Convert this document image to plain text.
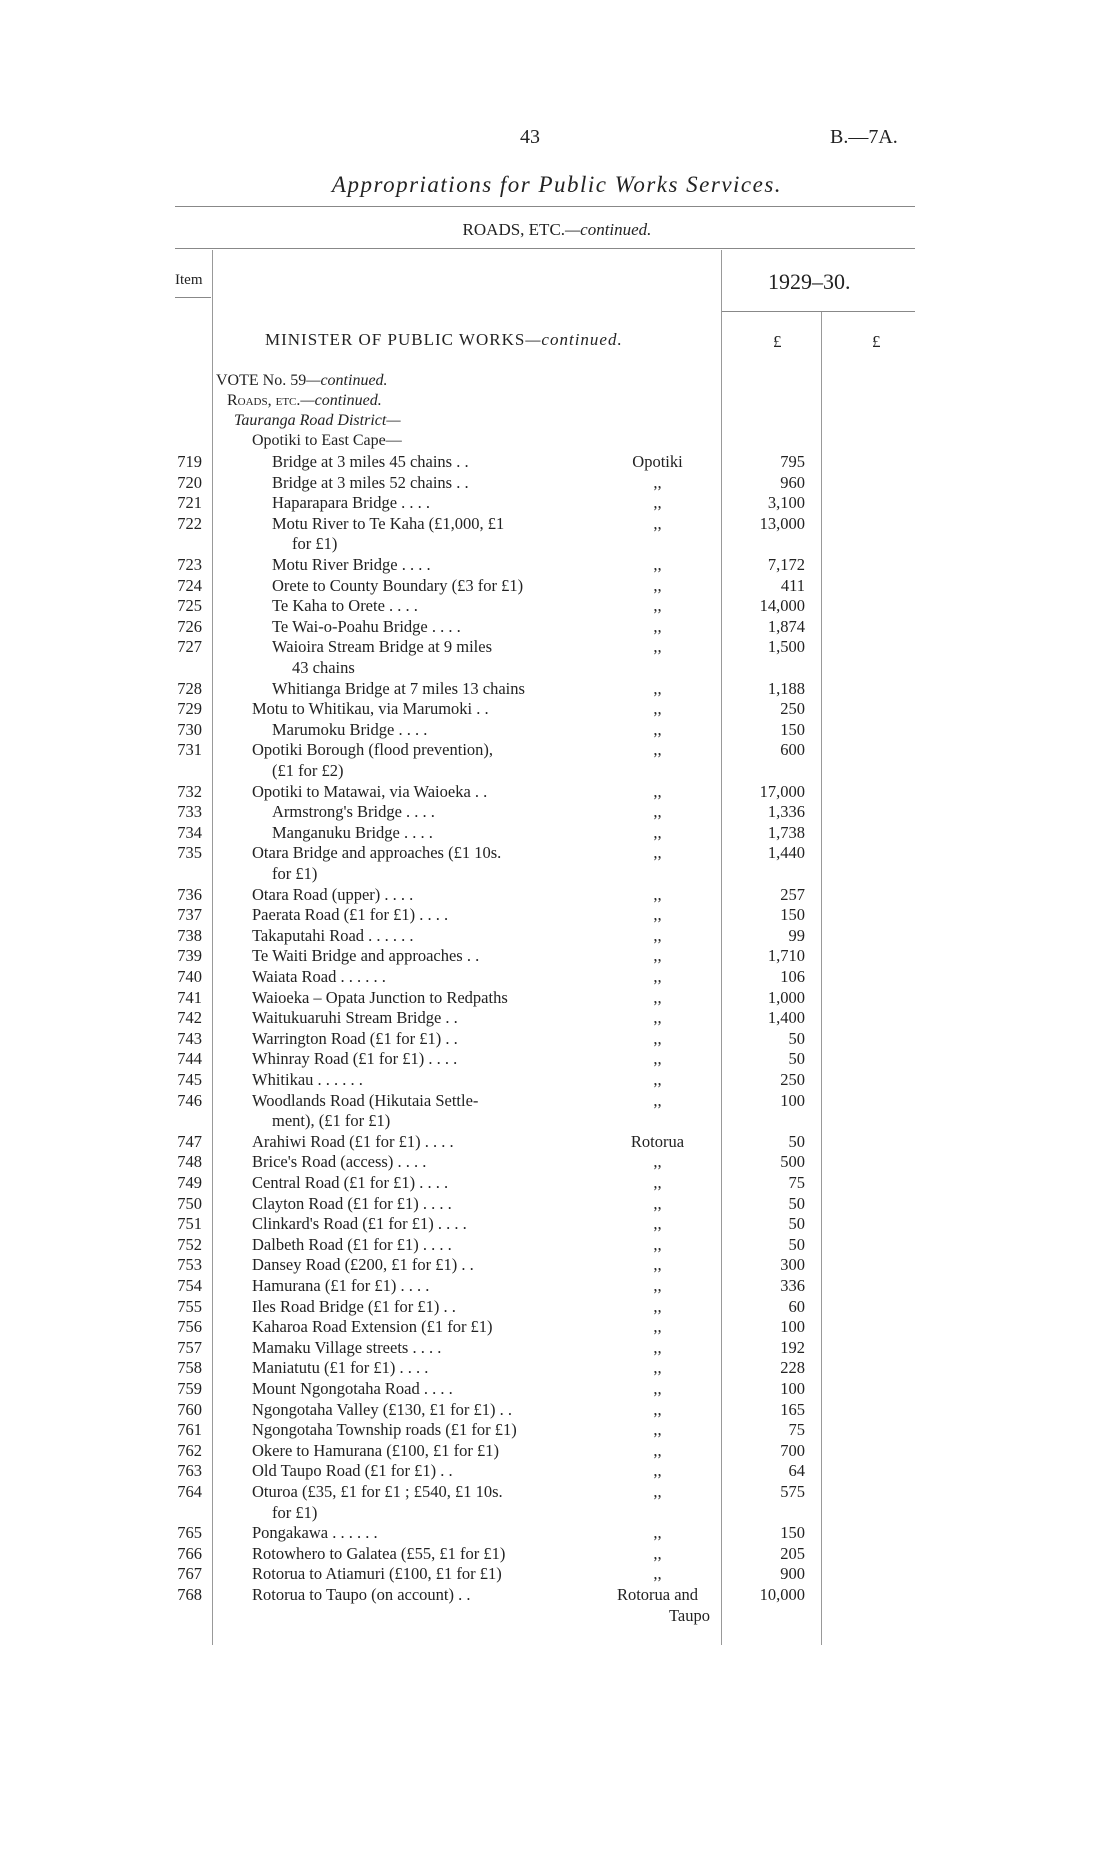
43	B.—7A.
Appropriations for Public Works Services.
ROADS, ETC.—continued.
Item	1929–30.
£	£
MINISTER OF PUBLIC WORKS—continued.
VOTE No. 59—continued.
Roads, etc.—continued.
Tauranga Road District—
Opotiki to East Cape—
719	Bridge at 3 miles 45 chains . .	Opotiki	795
720	Bridge at 3 miles 52 chains . .	,,	960
721	Haparapara Bridge . . . .	,,	3,100
722	Motu River to Te Kaha (£1,000, £1	,,	13,000
for £1)
723	Motu River Bridge . . . .	,,	7,172
724	Orete to County Boundary (£3 for £1)	,,	411
725	Te Kaha to Orete . . . .	,,	14,000
726	Te Wai-o-Poahu Bridge . . . .	,,	1,874
727	Waioira Stream Bridge at 9 miles	,,	1,500
43 chains
728	Whitianga Bridge at 7 miles 13 chains	,,	1,188
729	Motu to Whitikau, via Marumoki . .	,,	250
730	Marumoku Bridge . . . .	,,	150
731	Opotiki Borough (flood prevention),	,,	600
(£1 for £2)
732	Opotiki to Matawai, via Waioeka . .	,,	17,000
733	Armstrong's Bridge . . . .	,,	1,336
734	Manganuku Bridge . . . .	,,	1,738
735	Otara Bridge and approaches (£1 10s.	,,	1,440
for £1)
736	Otara Road (upper) . . . .	,,	257
737	Paerata Road (£1 for £1) . . . .	,,	150
738	Takaputahi Road . . . . . .	,,	99
739	Te Waiti Bridge and approaches . .	,,	1,710
740	Waiata Road . . . . . .	,,	106
741	Waioeka – Opata Junction to Redpaths	,,	1,000
742	Waitukuaruhi Stream Bridge . .	,,	1,400
743	Warrington Road (£1 for £1) . .	,,	50
744	Whinray Road (£1 for £1) . . . .	,,	50
745	Whitikau . . . . . .	,,	250
746	Woodlands Road (Hikutaia Settle-	,,	100
ment), (£1 for £1)
747	Arahiwi Road (£1 for £1) . . . .	Rotorua	50
748	Brice's Road (access) . . . .	,,	500
749	Central Road (£1 for £1) . . . .	,,	75
750	Clayton Road (£1 for £1) . . . .	,,	50
751	Clinkard's Road (£1 for £1) . . . .	,,	50
752	Dalbeth Road (£1 for £1) . . . .	,,	50
753	Dansey Road (£200, £1 for £1) . .	,,	300
754	Hamurana (£1 for £1) . . . .	,,	336
755	Iles Road Bridge (£1 for £1) . .	,,	60
756	Kaharoa Road Extension (£1 for £1)	,,	100
757	Mamaku Village streets . . . .	,,	192
758	Maniatutu (£1 for £1) . . . .	,,	228
759	Mount Ngongotaha Road . . . .	,,	100
760	Ngongotaha Valley (£130, £1 for £1) . .	,,	165
761	Ngongotaha Township roads (£1 for £1)	,,	75
762	Okere to Hamurana (£100, £1 for £1)	,,	700
763	Old Taupo Road (£1 for £1) . .	,,	64
764	Oturoa (£35, £1 for £1 ; £540, £1 10s.	,,	575
for £1)
765	Pongakawa . . . . . .	,,	150
766	Rotowhero to Galatea (£55, £1 for £1)	,,	205
767	Rotorua to Atiamuri (£100, £1 for £1)	,,	900
768	Rotorua to Taupo (on account) . .	Rotorua and	10,000
Taupo
